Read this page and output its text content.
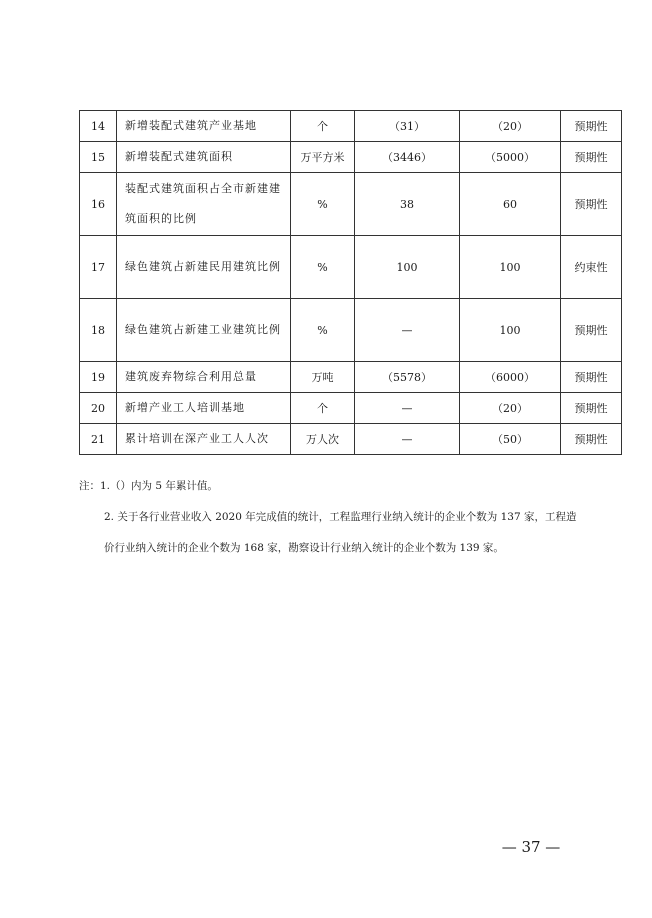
14	新增装配式建筑产业基地	个	（31）	（20）	预期性
15	新增装配式建筑面积	万平方米	（3446）	（5000）	预期性
16	装配式建筑面积占全市新建建筑面积的比例	%	38	60	预期性
17	绿色建筑占新建民用建筑比例	%	100	100	约束性
18	绿色建筑占新建工业建筑比例	%	—	100	预期性
19	建筑废弃物综合利用总量	万吨	（5578）	（6000）	预期性
20	新增产业工人培训基地	个	—	（20）	预期性
21	累计培训在深产业工人人次	万人次	—	（50）	预期性
注：1.（）内为 5 年累计值。
2. 关于各行业营业收入 2020 年完成值的统计，工程监理行业纳入统计的企业个数为 137 家，工程造
价行业纳入统计的企业个数为 168 家，勘察设计行业纳入统计的企业个数为 139 家。
— 37 —
